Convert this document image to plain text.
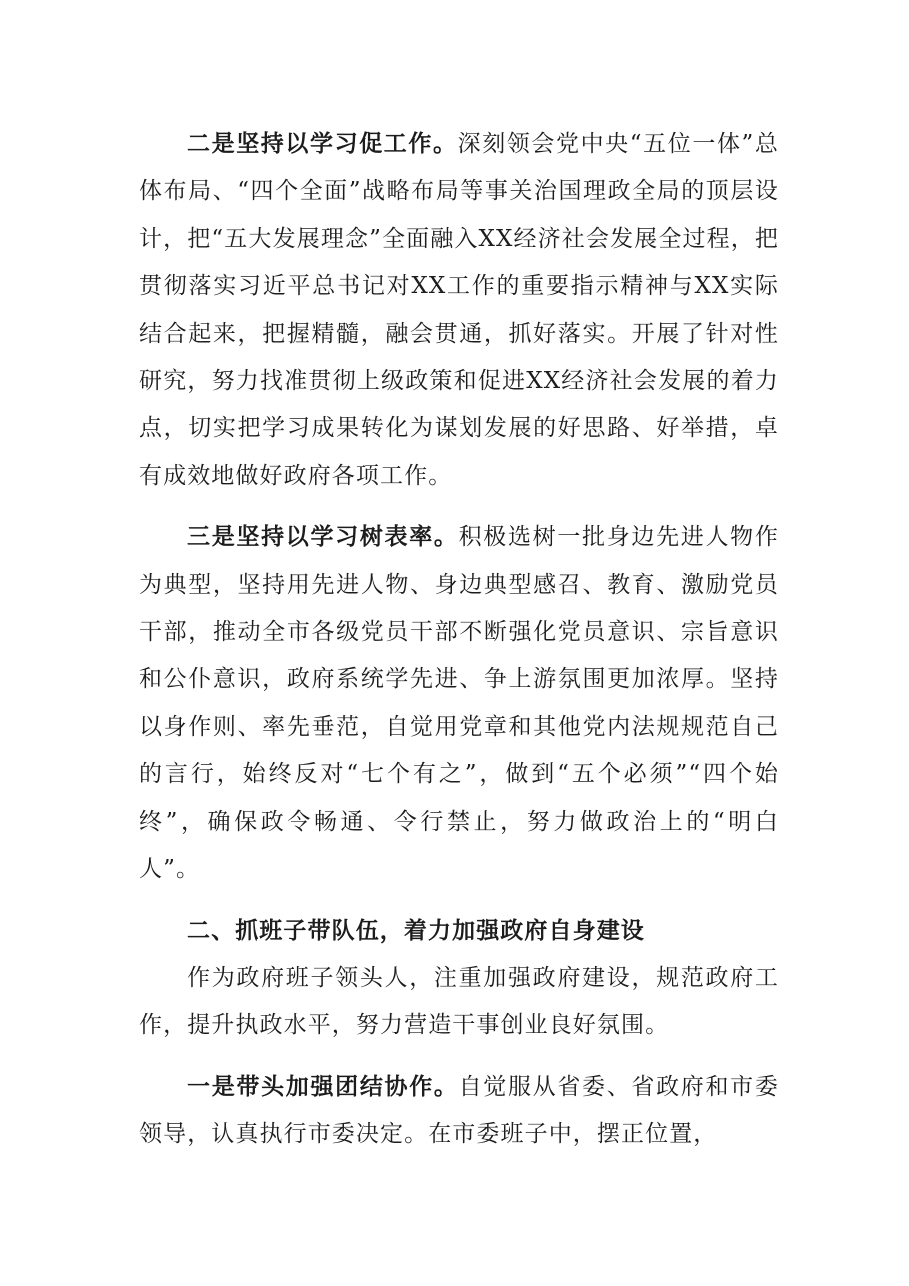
二是坚持以学习促工作。深刻领会党中央“五位一体”总体布局、“四个全面”战略布局等事关治国理政全局的顶层设计，把“五大发展理念”全面融入XX经济社会发展全过程，把贯彻落实习近平总书记对XX工作的重要指示精神与XX实际结合起来，把握精髓，融会贯通，抓好落实。开展了针对性研究，努力找准贯彻上级政策和促进XX经济社会发展的着力点，切实把学习成果转化为谋划发展的好思路、好举措，卓有成效地做好政府各项工作。

三是坚持以学习树表率。积极选树一批身边先进人物作为典型，坚持用先进人物、身边典型感召、教育、激励党员干部，推动全市各级党员干部不断强化党员意识、宗旨意识和公仆意识，政府系统学先进、争上游氛围更加浓厚。坚持以身作则、率先垂范，自觉用党章和其他党内法规规范自己的言行，始终反对“七个有之”，做到“五个必须”“四个始终”，确保政令畅通、令行禁止，努力做政治上的“明白人”。

二、抓班子带队伍，着力加强政府自身建设

作为政府班子领头人，注重加强政府建设，规范政府工作，提升执政水平，努力营造干事创业良好氛围。

一是带头加强团结协作。自觉服从省委、省政府和市委领导，认真执行市委决定。在市委班子中，摆正位置，
